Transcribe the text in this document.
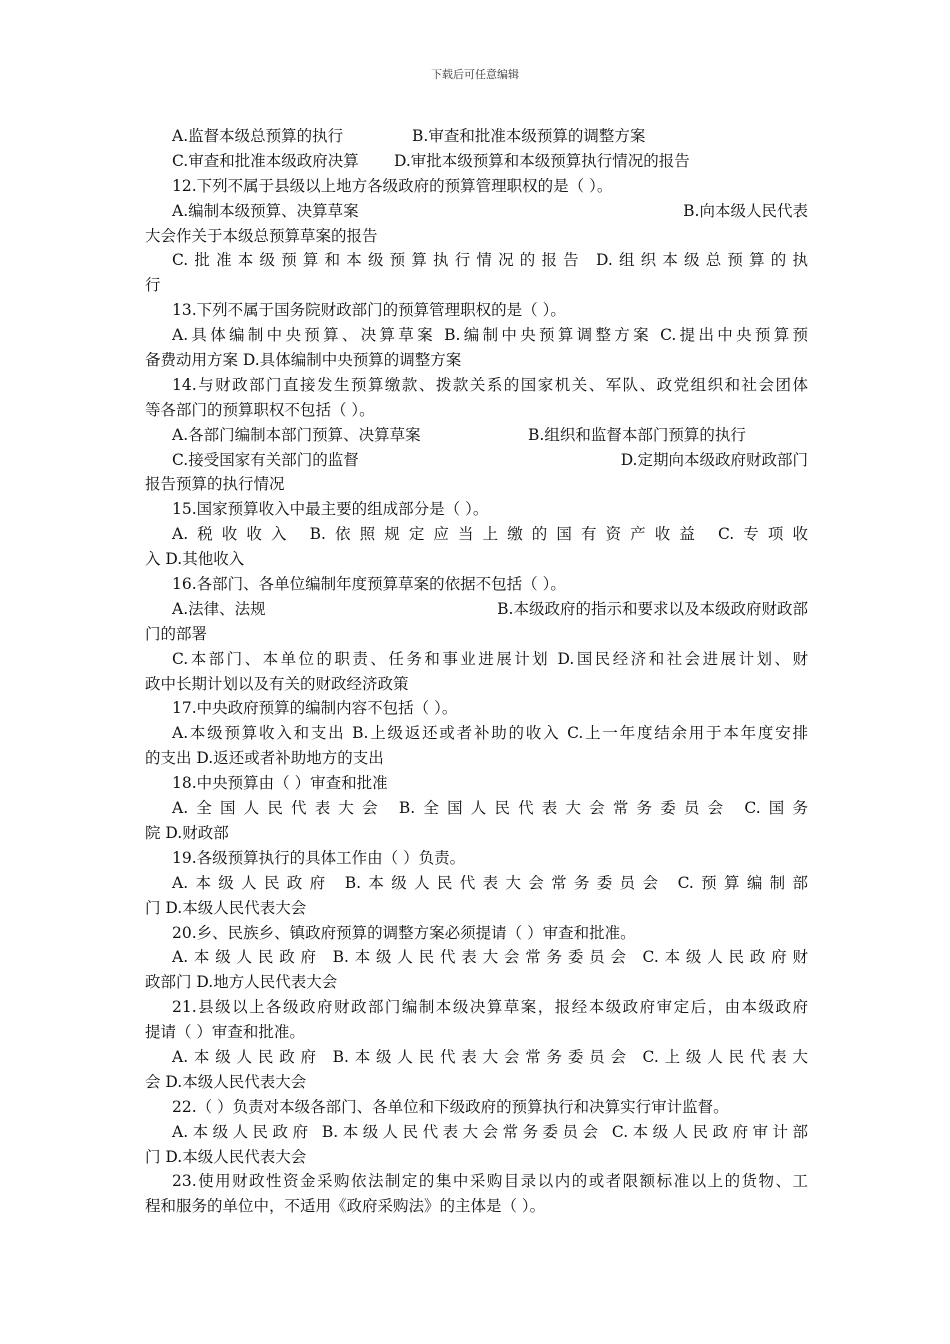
下载后可任意编辑
A.监督本级总预算的执行	B.审查和批准本级预算的调整方案
C.审查和批准本级政府决算 D.审批本级预算和本级预算执行情况的报告
12.下列不属于县级以上地方各级政府的预算管理职权的是（ ）。
A.编制本级预算、决算草案	B.向本级人民代表
大会作关于本级总预算草案的报告
C.批准本级预算和本级预算执行情况的报告 D.组织本级总预算的执
行
13.下列不属于国务院财政部门的预算管理职权的是（ ）。
A.具体编制中央预算、决算草案 B.编制中央预算调整方案 C.提出中央预算预
备费动用方案 D.具体编制中央预算的调整方案
14.与财政部门直接发生预算缴款、拨款关系的国家机关、军队、政党组织和社会团体
等各部门的预算职权不包括（ ）。
A.各部门编制本部门预算、决算草案	B.组织和监督本部门预算的执行
C.接受国家有关部门的监督	D.定期向本级政府财政部门
报告预算的执行情况
15.国家预算收入中最主要的组成部分是（ ）。
A.税收收入 B.依照规定应当上缴的国有资产收益 C.专项收
入 D.其他收入
16.各部门、各单位编制年度预算草案的依据不包括（ ）。
A.法律、法规	B.本级政府的指示和要求以及本级政府财政部
门的部署
C.本部门、本单位的职责、任务和事业进展计划 D.国民经济和社会进展计划、财
政中长期计划以及有关的财政经济政策
17.中央政府预算的编制内容不包括（ ）。
A.本级预算收入和支出 B.上级返还或者补助的收入 C.上一年度结余用于本年度安排
的支出 D.返还或者补助地方的支出
18.中央预算由（ ）审查和批准
A.全国人民代表大会 B.全国人民代表大会常务委员会 C.国务
院 D.财政部
19.各级预算执行的具体工作由（ ）负责。
A.本级人民政府 B.本级人民代表大会常务委员会 C.预算编制部
门 D.本级人民代表大会
20.乡、民族乡、镇政府预算的调整方案必须提请（ ）审查和批准。
A.本级人民政府 B.本级人民代表大会常务委员会 C.本级人民政府财
政部门 D.地方人民代表大会
21.县级以上各级政府财政部门编制本级决算草案，报经本级政府审定后，由本级政府
提请（ ）审查和批准。
A.本级人民政府 B.本级人民代表大会常务委员会 C.上级人民代表大
会 D.本级人民代表大会
22.（ ）负责对本级各部门、各单位和下级政府的预算执行和决算实行审计监督。
A.本级人民政府 B.本级人民代表大会常务委员会 C.本级人民政府审计部
门 D.本级人民代表大会
23.使用财政性资金采购依法制定的集中采购目录以内的或者限额标准以上的货物、工
程和服务的单位中，不适用《政府采购法》的主体是（ ）。
